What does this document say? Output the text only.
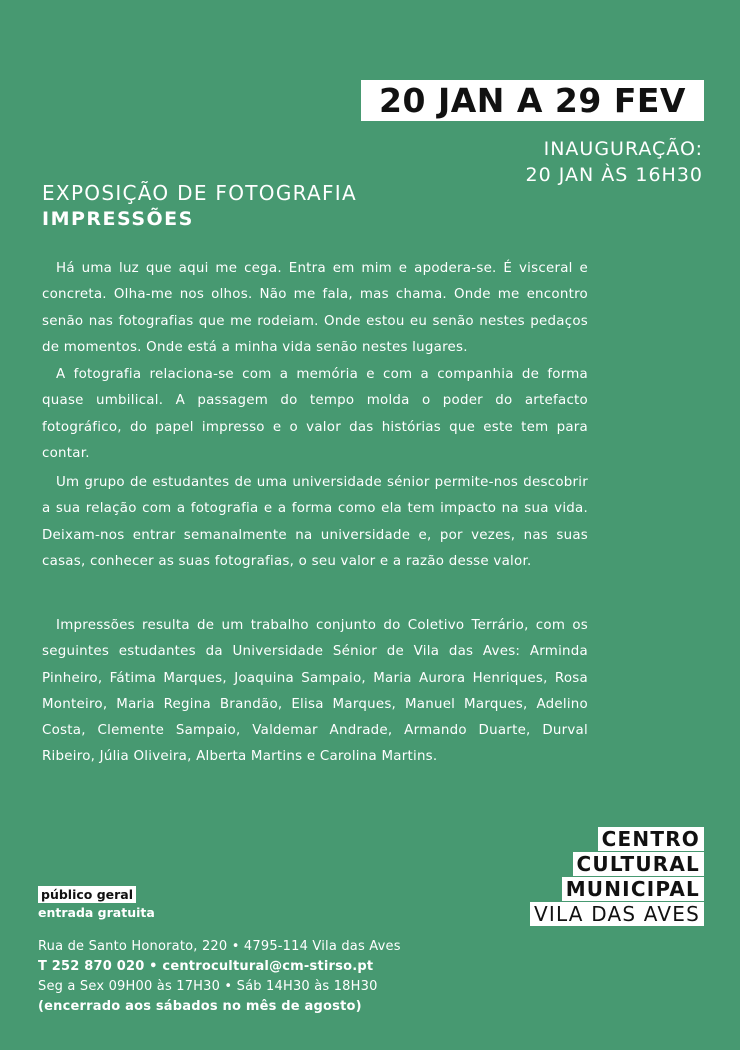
20 JAN A 29 FEV
INAUGURAÇÃO:
20 JAN ÀS 16H30
EXPOSIÇÃO DE FOTOGRAFIA
IMPRESSÕES

Há uma luz que aqui me cega. Entra em mim e apodera-se. É visceral e concreta. Olha-me nos olhos. Não me fala, mas chama. Onde me encontro senão nas fotografias que me rodeiam. Onde estou eu senão nestes pedaços de momentos. Onde está a minha vida senão nestes lugares.

A fotografia relaciona-se com a memória e com a companhia de forma quase umbilical. A passagem do tempo molda o poder do artefacto fotográfico, do papel impresso e o valor das histórias que este tem para contar.

Um grupo de estudantes de uma universidade sénior permite-nos descobrir a sua relação com a fotografia e a forma como ela tem impacto na sua vida. Deixam-nos entrar semanalmente na universidade e, por vezes, nas suas casas, conhecer as suas fotografias, o seu valor e a razão desse valor.

Impressões resulta de um trabalho conjunto do Coletivo Terrário, com os seguintes estudantes da Universidade Sénior de Vila das Aves: Arminda Pinheiro, Fátima Marques, Joaquina Sampaio, Maria Aurora Henriques, Rosa Monteiro, Maria Regina Brandão, Elisa Marques, Manuel Marques, Adelino Costa, Clemente Sampaio, Valdemar Andrade, Armando Duarte, Durval Ribeiro, Júlia Oliveira, Alberta Martins e Carolina Martins.

público geral
entrada gratuita
Rua de Santo Honorato, 220 • 4795-114 Vila das Aves
T 252 870 020 • centrocultural@cm-stirso.pt
Seg a Sex 09H00 às 17H30 • Sáb 14H30 às 18H30
(encerrado aos sábados no mês de agosto)
CENTRO
CULTURAL
MUNICIPAL
VILA DAS AVES
